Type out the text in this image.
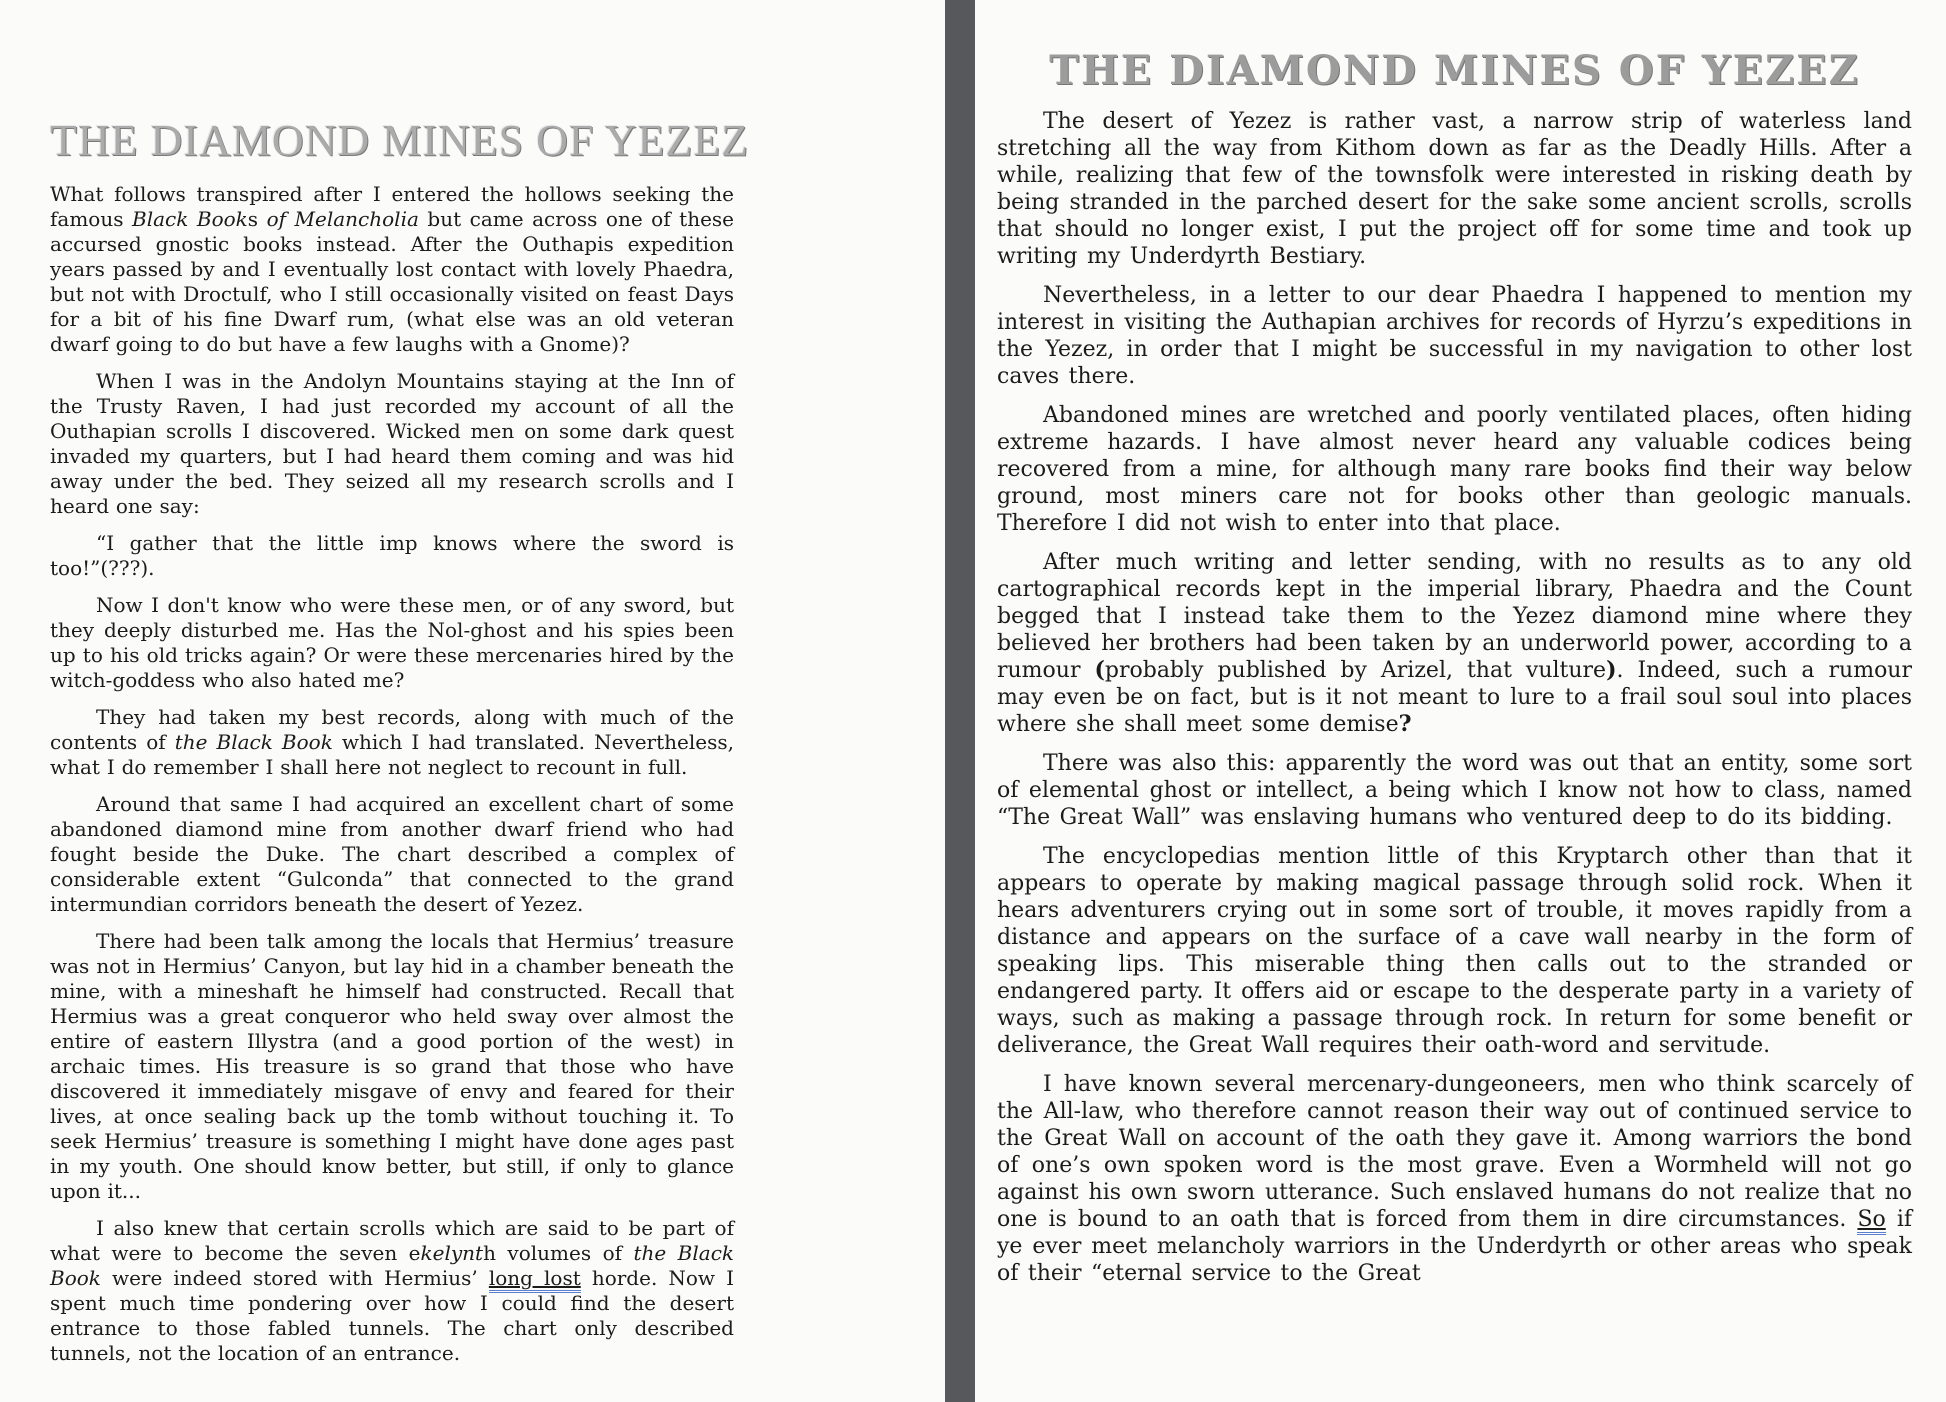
THE DIAMOND MINES OF YEZEZ

What follows transpired after I entered the hollows seeking the famous Black Books of Melancholia but came across one of these accursed gnostic books instead. After the Outhapis expedition years passed by and I eventually lost contact with lovely Phaedra, but not with Droctulf, who I still occasionally visited on feast Days for a bit of his fine Dwarf rum, (what else was an old veteran dwarf going to do but have a few laughs with a Gnome)?

When I was in the Andolyn Mountains staying at the Inn of the Trusty Raven, I had just recorded my account of all the Outhapian scrolls I discovered. Wicked men on some dark quest invaded my quarters, but I had heard them coming and was hid away under the bed. They seized all my research scrolls and I heard one say:

“I gather that the little imp knows where the sword is too!”(???).

Now I don't know who were these men, or of any sword, but they deeply disturbed me. Has the Nol-ghost and his spies been up to his old tricks again? Or were these mercenaries hired by the witch-goddess who also hated me?

They had taken my best records, along with much of the contents of the Black Book which I had translated. Nevertheless, what I do remember I shall here not neglect to recount in full.

Around that same I had acquired an excellent chart of some abandoned diamond mine from another dwarf friend who had fought beside the Duke. The chart described a complex of considerable extent “Gulconda” that connected to the grand intermundian corridors beneath the desert of Yezez.

There had been talk among the locals that Hermius’ treasure was not in Hermius’ Canyon, but lay hid in a chamber beneath the mine, with a mineshaft he himself had constructed. Recall that Hermius was a great conqueror who held sway over almost the entire of eastern Illystra (and a good portion of the west) in archaic times. His treasure is so grand that those who have discovered it immediately misgave of envy and feared for their lives, at once sealing back up the tomb without touching it. To seek Hermius’ treasure is something I might have done ages past in my youth. One should know better, but still, if only to glance upon it...

I also knew that certain scrolls which are said to be part of what were to become the seven ekelynth volumes of the Black Book were indeed stored with Hermius’ long lost horde. Now I spent much time pondering over how I could find the desert entrance to those fabled tunnels. The chart only described tunnels, not the location of an entrance.

THE DIAMOND MINES OF YEZEZ

The desert of Yezez is rather vast, a narrow strip of waterless land stretching all the way from Kithom down as far as the Deadly Hills. After a while, realizing that few of the townsfolk were interested in risking death by being stranded in the parched desert for the sake some ancient scrolls, scrolls that should no longer exist, I put the project off for some time and took up writing my Underdyrth Bestiary.

Nevertheless, in a letter to our dear Phaedra I happened to mention my interest in visiting the Authapian archives for records of Hyrzu’s expeditions in the Yezez, in order that I might be successful in my navigation to other lost caves there.

Abandoned mines are wretched and poorly ventilated places, often hiding extreme hazards. I have almost never heard any valuable codices being recovered from a mine, for although many rare books find their way below ground, most miners care not for books other than geologic manuals. Therefore I did not wish to enter into that place.

After much writing and letter sending, with no results as to any old cartographical records kept in the imperial library, Phaedra and the Count begged that I instead take them to the Yezez diamond mine where they believed her brothers had been taken by an underworld power, according to a rumour (probably published by Arizel, that vulture). Indeed, such a rumour may even be on fact, but is it not meant to lure to a frail soul soul into places where she shall meet some demise?

There was also this: apparently the word was out that an entity, some sort of elemental ghost or intellect, a being which I know not how to class, named “The Great Wall” was enslaving humans who ventured deep to do its bidding.

The encyclopedias mention little of this Kryptarch other than that it appears to operate by making magical passage through solid rock. When it hears adventurers crying out in some sort of trouble, it moves rapidly from a distance and appears on the surface of a cave wall nearby in the form of speaking lips. This miserable thing then calls out to the stranded or endangered party. It offers aid or escape to the desperate party in a variety of ways, such as making a passage through rock. In return for some benefit or deliverance, the Great Wall requires their oath-word and servitude.

I have known several mercenary-dungeoneers, men who think scarcely of the All-law, who therefore cannot reason their way out of continued service to the Great Wall on account of the oath they gave it. Among warriors the bond of one’s own spoken word is the most grave. Even a Wormheld will not go against his own sworn utterance. Such enslaved humans do not realize that no one is bound to an oath that is forced from them in dire circumstances. So if ye ever meet melancholy warriors in the Underdyrth or other areas who speak of their “eternal service to the Great
